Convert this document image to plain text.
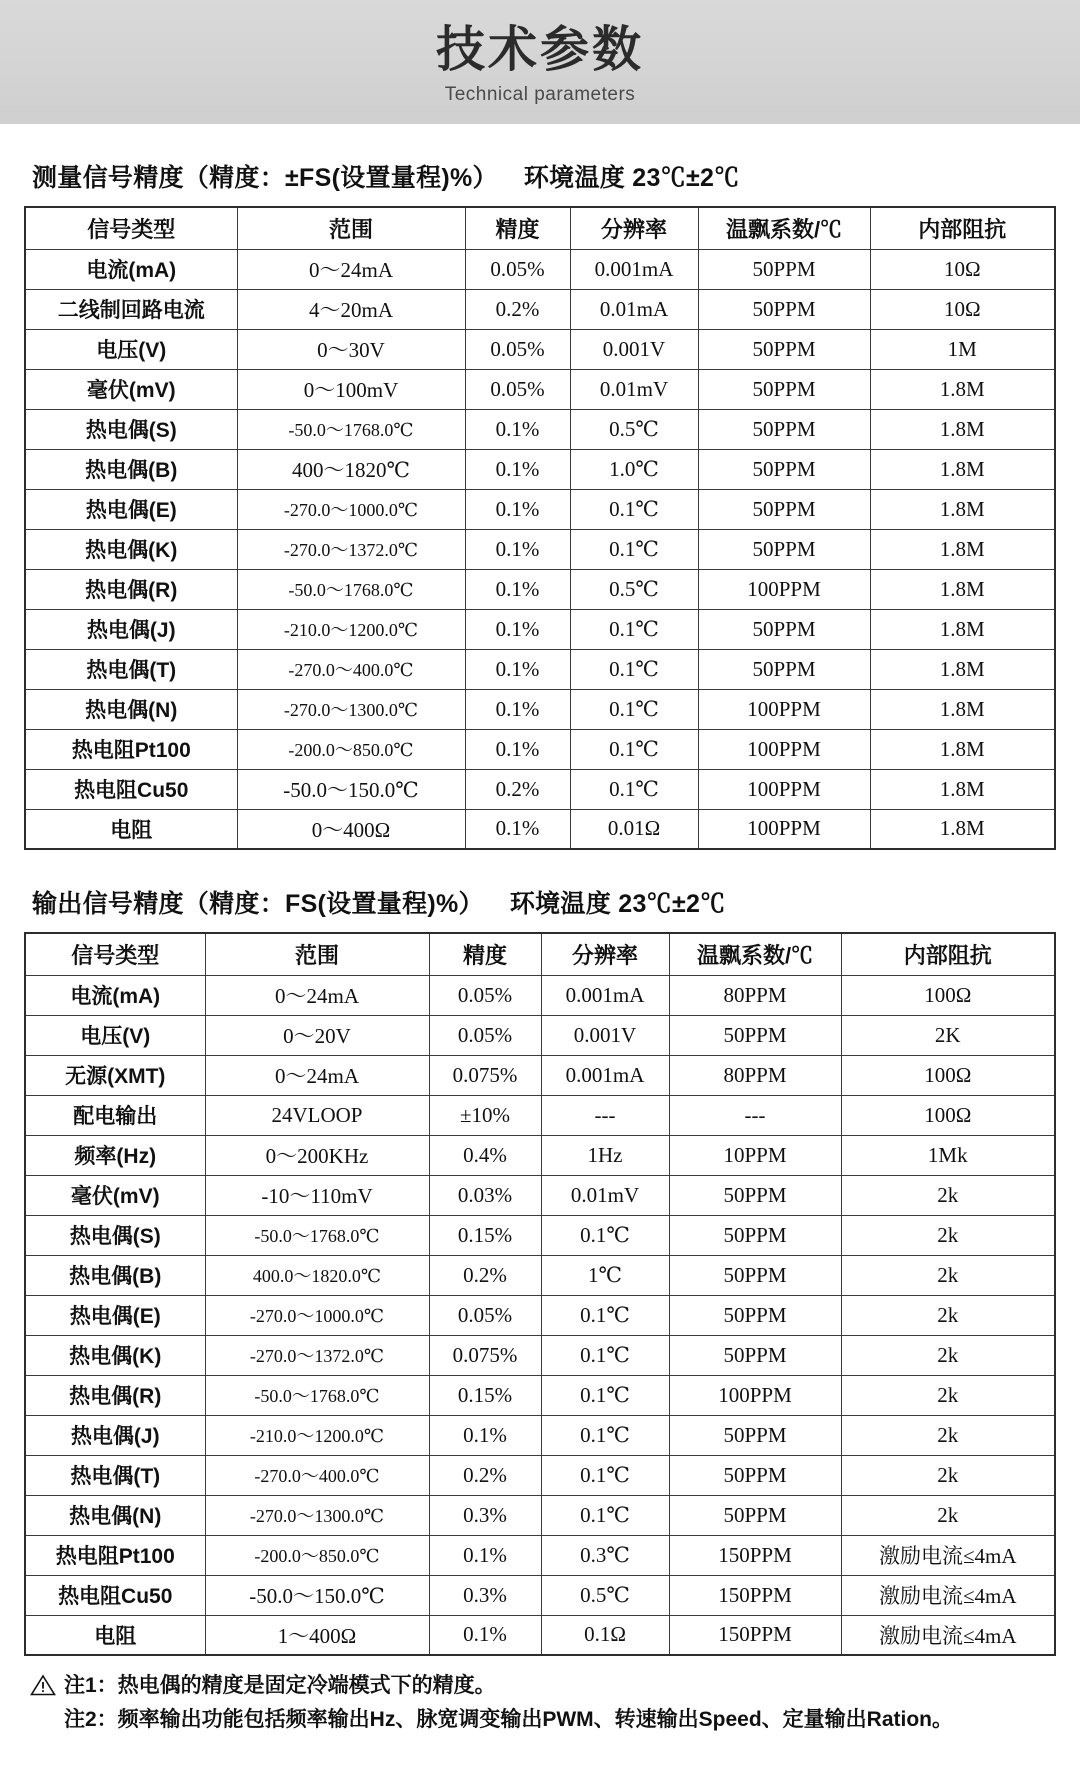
技术参数
Technical parameters
测量信号精度（精度：±FS(设置量程)%） 环境温度 23℃±2℃
信号类型	范围	精度	分辨率	温飘系数/℃	内部阻抗
电流(mA)	0～24mA	0.05%	0.001mA	50PPM	10Ω
二线制回路电流	4～20mA	0.2%	0.01mA	50PPM	10Ω
电压(V)	0～30V	0.05%	0.001V	50PPM	1M
毫伏(mV)	0～100mV	0.05%	0.01mV	50PPM	1.8M
热电偶(S)	-50.0～1768.0℃	0.1%	0.5℃	50PPM	1.8M
热电偶(B)	400～1820℃	0.1%	1.0℃	50PPM	1.8M
热电偶(E)	-270.0～1000.0℃	0.1%	0.1℃	50PPM	1.8M
热电偶(K)	-270.0～1372.0℃	0.1%	0.1℃	50PPM	1.8M
热电偶(R)	-50.0～1768.0℃	0.1%	0.5℃	100PPM	1.8M
热电偶(J)	-210.0～1200.0℃	0.1%	0.1℃	50PPM	1.8M
热电偶(T)	-270.0～400.0℃	0.1%	0.1℃	50PPM	1.8M
热电偶(N)	-270.0～1300.0℃	0.1%	0.1℃	100PPM	1.8M
热电阻Pt100	-200.0～850.0℃	0.1%	0.1℃	100PPM	1.8M
热电阻Cu50	-50.0～150.0℃	0.2%	0.1℃	100PPM	1.8M
电阻	0～400Ω	0.1%	0.01Ω	100PPM	1.8M
输出信号精度（精度：FS(设置量程)%） 环境温度 23℃±2℃
信号类型	范围	精度	分辨率	温飘系数/℃	内部阻抗
电流(mA)	0～24mA	0.05%	0.001mA	80PPM	100Ω
电压(V)	0～20V	0.05%	0.001V	50PPM	2K
无源(XMT)	0～24mA	0.075%	0.001mA	80PPM	100Ω
配电输出	24VLOOP	±10%	---	---	100Ω
频率(Hz)	0～200KHz	0.4%	1Hz	10PPM	1Mk
毫伏(mV)	-10～110mV	0.03%	0.01mV	50PPM	2k
热电偶(S)	-50.0～1768.0℃	0.15%	0.1℃	50PPM	2k
热电偶(B)	400.0～1820.0℃	0.2%	1℃	50PPM	2k
热电偶(E)	-270.0～1000.0℃	0.05%	0.1℃	50PPM	2k
热电偶(K)	-270.0～1372.0℃	0.075%	0.1℃	50PPM	2k
热电偶(R)	-50.0～1768.0℃	0.15%	0.1℃	100PPM	2k
热电偶(J)	-210.0～1200.0℃	0.1%	0.1℃	50PPM	2k
热电偶(T)	-270.0～400.0℃	0.2%	0.1℃	50PPM	2k
热电偶(N)	-270.0～1300.0℃	0.3%	0.1℃	50PPM	2k
热电阻Pt100	-200.0～850.0℃	0.1%	0.3℃	150PPM	激励电流≤4mA
热电阻Cu50	-50.0～150.0℃	0.3%	0.5℃	150PPM	激励电流≤4mA
电阻	1～400Ω	0.1%	0.1Ω	150PPM	激励电流≤4mA
注1：热电偶的精度是固定冷端模式下的精度。
注2：频率输出功能包括频率输出Hz、脉宽调变输出PWM、转速输出Speed、定量输出Ration。
